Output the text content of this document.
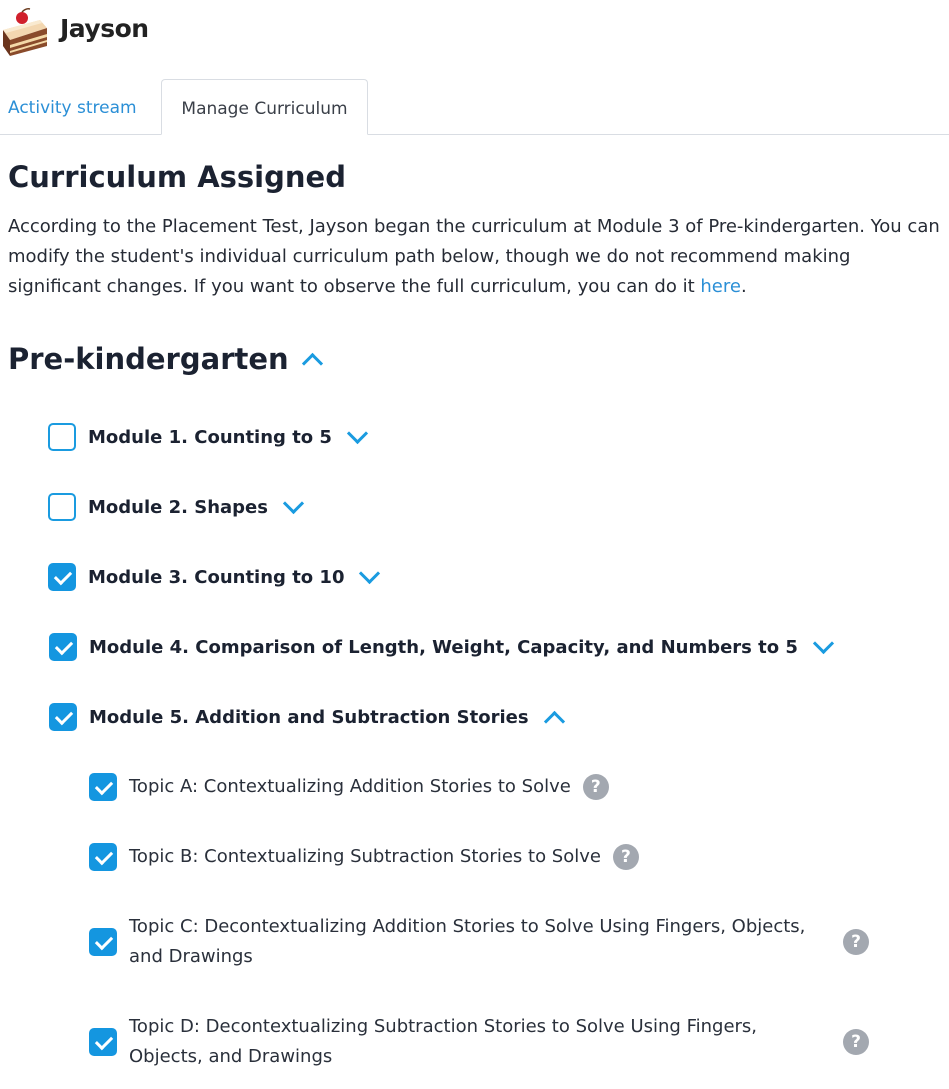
Jayson
Activity stream	Manage Curriculum
Curriculum Assigned

According to the Placement Test, Jayson began the curriculum at Module 3 of Pre-kindergarten. You can modify the student's individual curriculum path below, though we do not recommend making significant changes. If you want to observe the full curriculum, you can do it here.

Pre-kindergarten
Module 1. Counting to 5
Module 2. Shapes
Module 3. Counting to 10
Module 4. Comparison of Length, Weight, Capacity, and Numbers to 5
Module 5. Addition and Subtraction Stories
Topic A: Contextualizing Addition Stories to Solve	?
Topic B: Contextualizing Subtraction Stories to Solve	?
Topic C: Decontextualizing Addition Stories to Solve Using Fingers, Objects, and Drawings
?
Topic D: Decontextualizing Subtraction Stories to Solve Using Fingers, Objects, and Drawings
?
